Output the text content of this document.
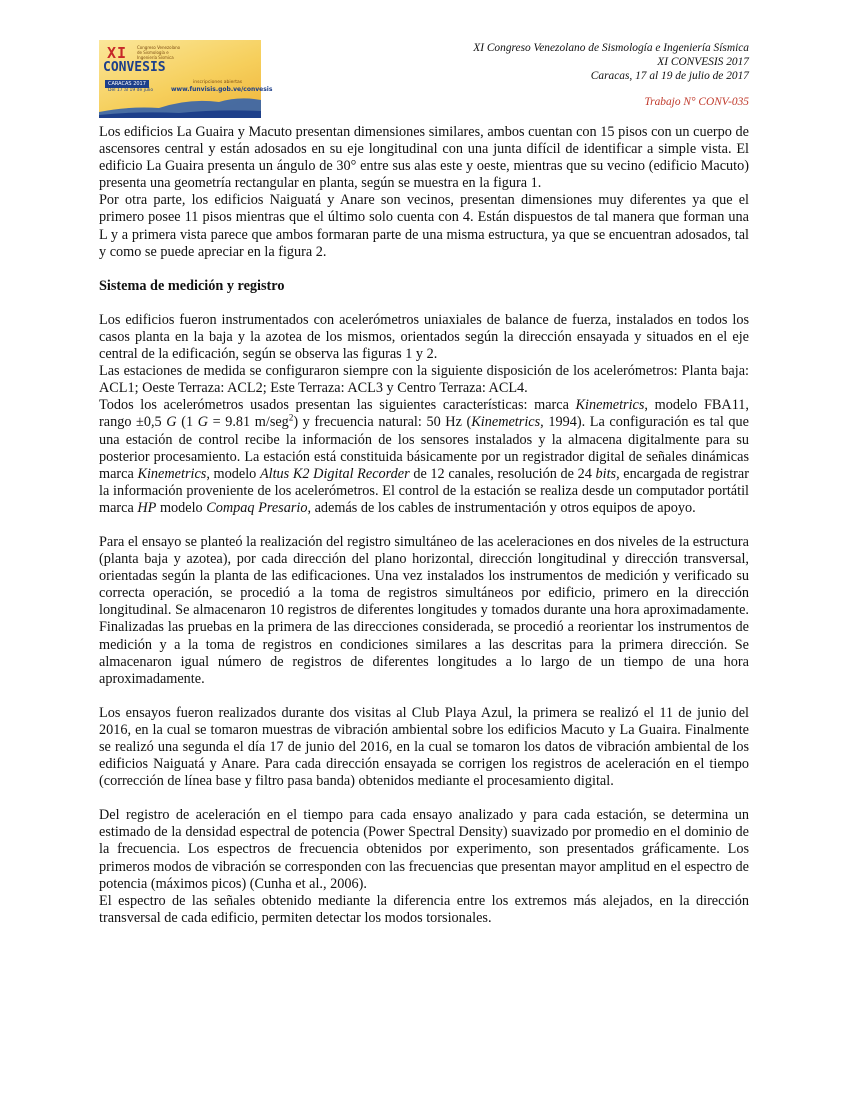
XI Congreso Venezolano de Sismología e Ingeniería Sísmica
CONVESIS
CARACAS 2017
Del 17 al 19 de julio
inscripciones abiertas
www.funvisis.gob.ve/convesis
XI Congreso Venezolano de Sismología e Ingeniería Sísmica
XI CONVESIS 2017
Caracas, 17 al 19 de julio de 2017
Trabajo N° CONV-035

Los edificios La Guaira y Macuto presentan dimensiones similares, ambos cuentan con 15 pisos con un cuerpo de ascensores central y están adosados en su eje longitudinal con una junta difícil de identificar a simple vista. El edificio La Guaira presenta un ángulo de 30° entre sus alas este y oeste, mientras que su vecino (edificio Macuto) presenta una geometría rectangular en planta, según se muestra en la figura 1.

Por otra parte, los edificios Naiguatá y Anare son vecinos, presentan dimensiones muy diferentes ya que el primero posee 11 pisos mientras que el último solo cuenta con 4. Están dispuestos de tal manera que forman una L y a primera vista parece que ambos formaran parte de una misma estructura, ya que se encuentran adosados, tal y como se puede apreciar en la figura 2.

Sistema de medición y registro

Los edificios fueron instrumentados con acelerómetros uniaxiales de balance de fuerza, instalados en todos los casos planta en la baja y la azotea de los mismos, orientados según la dirección ensayada y situados en el eje central de la edificación, según se observa las figuras 1 y 2.

Las estaciones de medida se configuraron siempre con la siguiente disposición de los acelerómetros: Planta baja: ACL1; Oeste Terraza: ACL2; Este Terraza: ACL3 y Centro Terraza: ACL4.

Todos los acelerómetros usados presentan las siguientes características: marca Kinemetrics, modelo FBA11, rango ±0,5 G (1 G = 9.81 m/seg$^2$) y frecuencia natural: 50 Hz (Kinemetrics, 1994). La configuración es tal que una estación de control recibe la información de los sensores instalados y la almacena digitalmente para su posterior procesamiento. La estación está constituida básicamente por un registrador digital de señales dinámicas marca Kinemetrics, modelo Altus K2 Digital Recorder de 12 canales, resolución de 24 bits, encargada de registrar la información proveniente de los acelerómetros. El control de la estación se realiza desde un computador portátil marca HP modelo Compaq Presario, además de los cables de instrumentación y otros equipos de apoyo.

Para el ensayo se planteó la realización del registro simultáneo de las aceleraciones en dos niveles de la estructura (planta baja y azotea), por cada dirección del plano horizontal, dirección longitudinal y dirección transversal, orientadas según la planta de las edificaciones. Una vez instalados los instrumentos de medición y verificado su correcta operación, se procedió a la toma de registros simultáneos por edificio, primero en la dirección longitudinal. Se almacenaron 10 registros de diferentes longitudes y tomados durante una hora aproximadamente. Finalizadas las pruebas en la primera de las direcciones considerada, se procedió a reorientar los instrumentos de medición y a la toma de registros en condiciones similares a las descritas para la primera dirección. Se almacenaron igual número de registros de diferentes longitudes a lo largo de un tiempo de una hora aproximadamente.

Los ensayos fueron realizados durante dos visitas al Club Playa Azul, la primera se realizó el 11 de junio del 2016, en la cual se tomaron muestras de vibración ambiental sobre los edificios Macuto y La Guaira. Finalmente se realizó una segunda el día 17 de junio del 2016, en la cual se tomaron los datos de vibración ambiental de los edificios Naiguatá y Anare. Para cada dirección ensayada se corrigen los registros de aceleración en el tiempo (corrección de línea base y filtro pasa banda) obtenidos mediante el procesamiento digital.

Del registro de aceleración en el tiempo para cada ensayo analizado y para cada estación, se determina un estimado de la densidad espectral de potencia (Power Spectral Density) suavizado por promedio en el dominio de la frecuencia. Los espectros de frecuencia obtenidos por experimento, son presentados gráficamente. Los primeros modos de vibración se corresponden con las frecuencias que presentan mayor amplitud en el espectro de potencia (máximos picos) (Cunha et al., 2006).

El espectro de las señales obtenido mediante la diferencia entre los extremos más alejados, en la dirección transversal de cada edificio, permiten detectar los modos torsionales.
